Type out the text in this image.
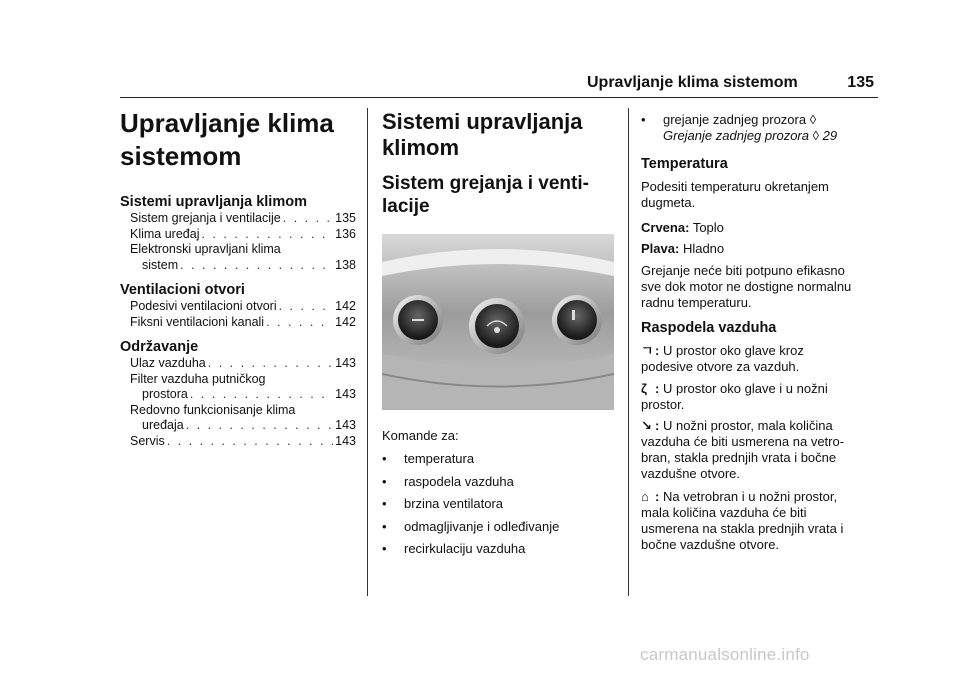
Upravljanje klima sistemom	135
Upravljanje klima
sistemom
Sistemi upravljanja klimom
Sistem grejanja i ventilacije . . .	135
Klima uređaj . . .	136
Elektronski upravljani klima
sistem . . .	138
Ventilacioni otvori
Podesivi ventilacioni otvori . . .	142
Fiksni ventilacioni kanali . . .	142
Održavanje
Ulaz vazduha . . .	143
Filter vazduha putničkog
prostora . . .	143
Redovno funkcionisanje klima
uređaja . . .	143
Servis . . .	143
Sistemi upravljanja
klimom
Sistem grejanja i venti-
lacije
Komande za:
•	temperatura
•	raspodela vazduha
•	brzina ventilatora
•	odmagljivanje i odleđivanje
•	recirkulaciju vazduha
• grejanje zadnjeg prozora ◊
Grejanje zadnjeg prozora ◊ 29
Temperatura
Podesiti temperaturu okretanjem
dugmeta.
Crvena: Toplo
Plava: Hladno
Grejanje neće biti potpuno efikasno
sve dok motor ne dostigne normalnu
radnu temperaturu.
Raspodela vazduha
ㄱ: U prostor oko glave kroz
podesive otvore za vazduh.
ζ : U prostor oko glave i u nožni
prostor.
↘ : U nožni prostor, mala količina
vazduha će biti usmerena na vetro-
bran, stakla prednjih vrata i bočne
vazdušne otvore.
⌂ : Na vetrobran i u nožni prostor,
mala količina vazduha će biti
usmerena na stakla prednjih vrata i
bočne vazdušne otvore.
carmanualsonline.info
